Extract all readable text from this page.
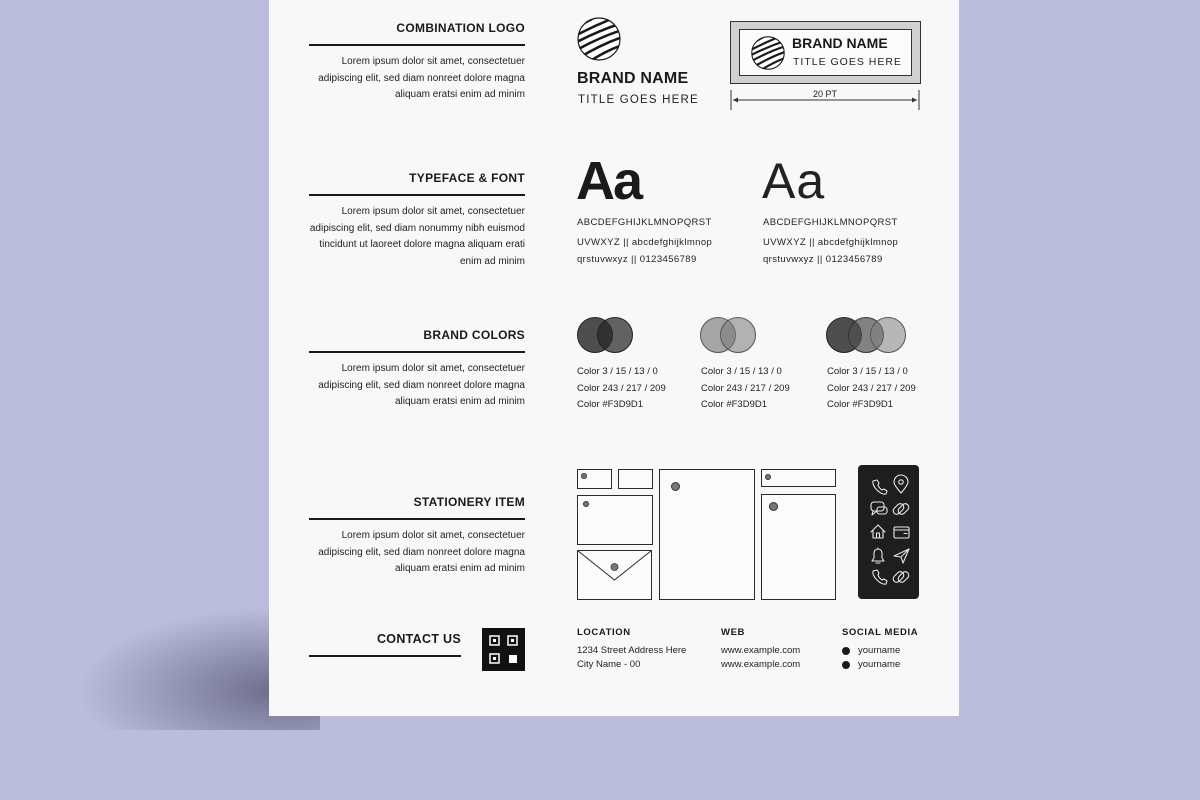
COMBINATION LOGO
Lorem ipsum dolor sit amet, consectetuer adipiscing elit, sed diam nonreet dolore magna aliquam eratsi enim ad minim
BRAND NAME
TITLE GOES HERE
BRAND NAME
TITLE GOES HERE
20 PT
TYPEFACE & FONT
Lorem ipsum dolor sit amet, consectetuer adipiscing elit, sed diam nonummy nibh euismod tincidunt ut laoreet dolore magna aliquam erati enim ad minim
Aa
ABCDEFGHIJKLMNOPQRST
UVWXYZ || abcdefghijklmnop
qrstuvwxyz || 0123456789
Aa
ABCDEFGHIJKLMNOPQRST
UVWXYZ || abcdefghijklmnop
qrstuvwxyz || 0123456789
BRAND COLORS
Lorem ipsum dolor sit amet, consectetuer adipiscing elit, sed diam nonreet dolore magna aliquam eratsi enim ad minim
Color 3 / 15 / 13 / 0
Color 243 / 217 / 209
Color #F3D9D1
Color 3 / 15 / 13 / 0
Color 243 / 217 / 209
Color #F3D9D1
Color 3 / 15 / 13 / 0
Color 243 / 217 / 209
Color #F3D9D1
STATIONERY ITEM
Lorem ipsum dolor sit amet, consectetuer adipiscing elit, sed diam nonreet dolore magna aliquam eratsi enim ad minim
CONTACT US	LOCATION
1234 Street Address Here
City Name - 00
WEB
www.example.com
www.example.com
SOCIAL MEDIA
yourname
yourname
